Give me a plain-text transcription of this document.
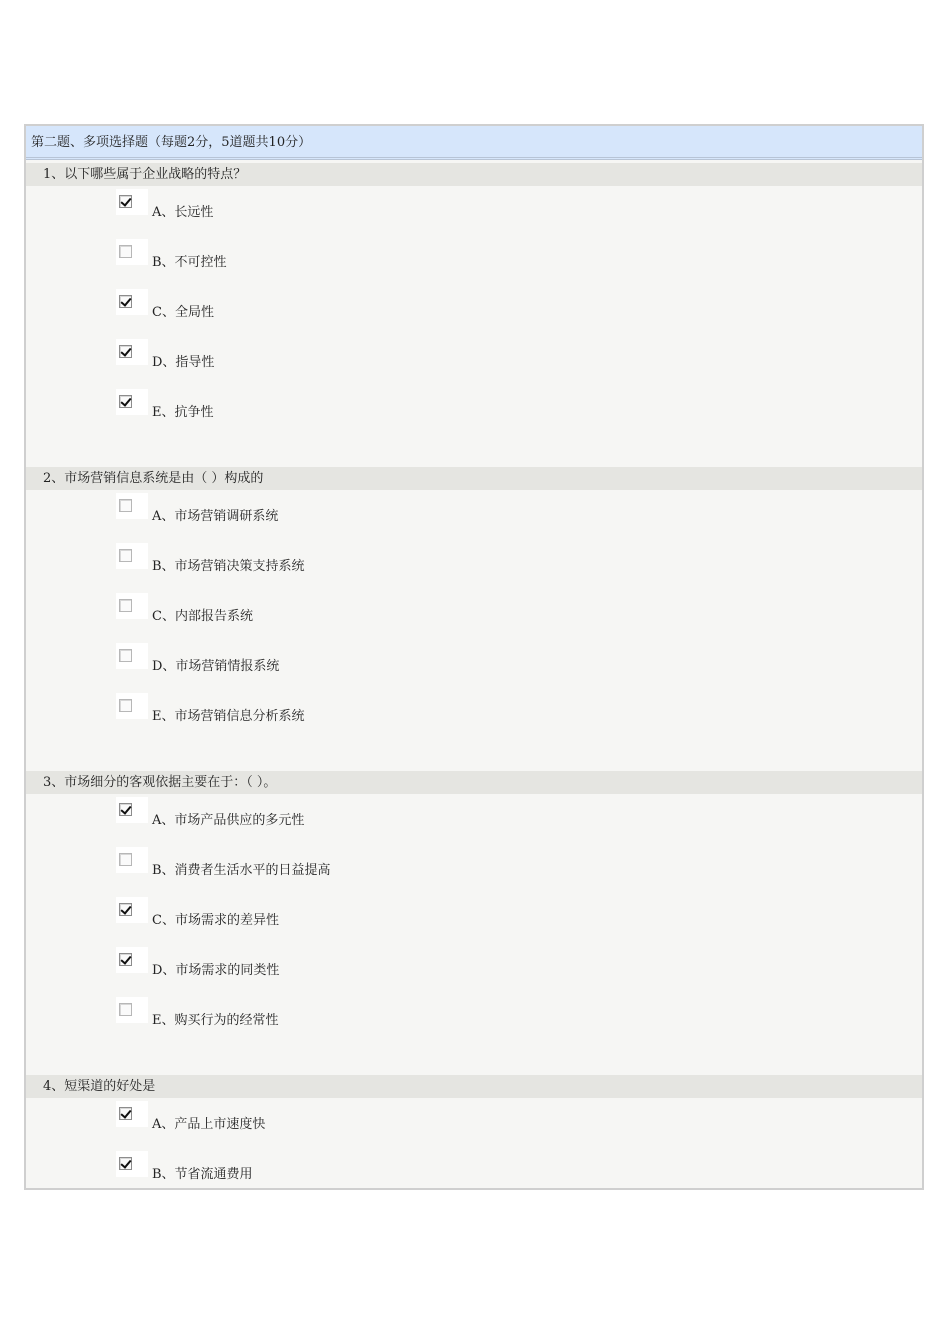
第二题、多项选择题（每题2分，5道题共10分）
1、以下哪些属于企业战略的特点？
A、长远性
B、不可控性
C、全局性
D、指导性
E、抗争性
2、市场营销信息系统是由（ ）构成的
A、市场营销调研系统
B、市场营销决策支持系统
C、内部报告系统
D、市场营销情报系统
E、市场营销信息分析系统
3、市场细分的客观依据主要在于：（ ）。
A、市场产品供应的多元性
B、消费者生活水平的日益提高
C、市场需求的差异性
D、市场需求的同类性
E、购买行为的经常性
4、短渠道的好处是
A、产品上市速度快
B、节省流通费用
